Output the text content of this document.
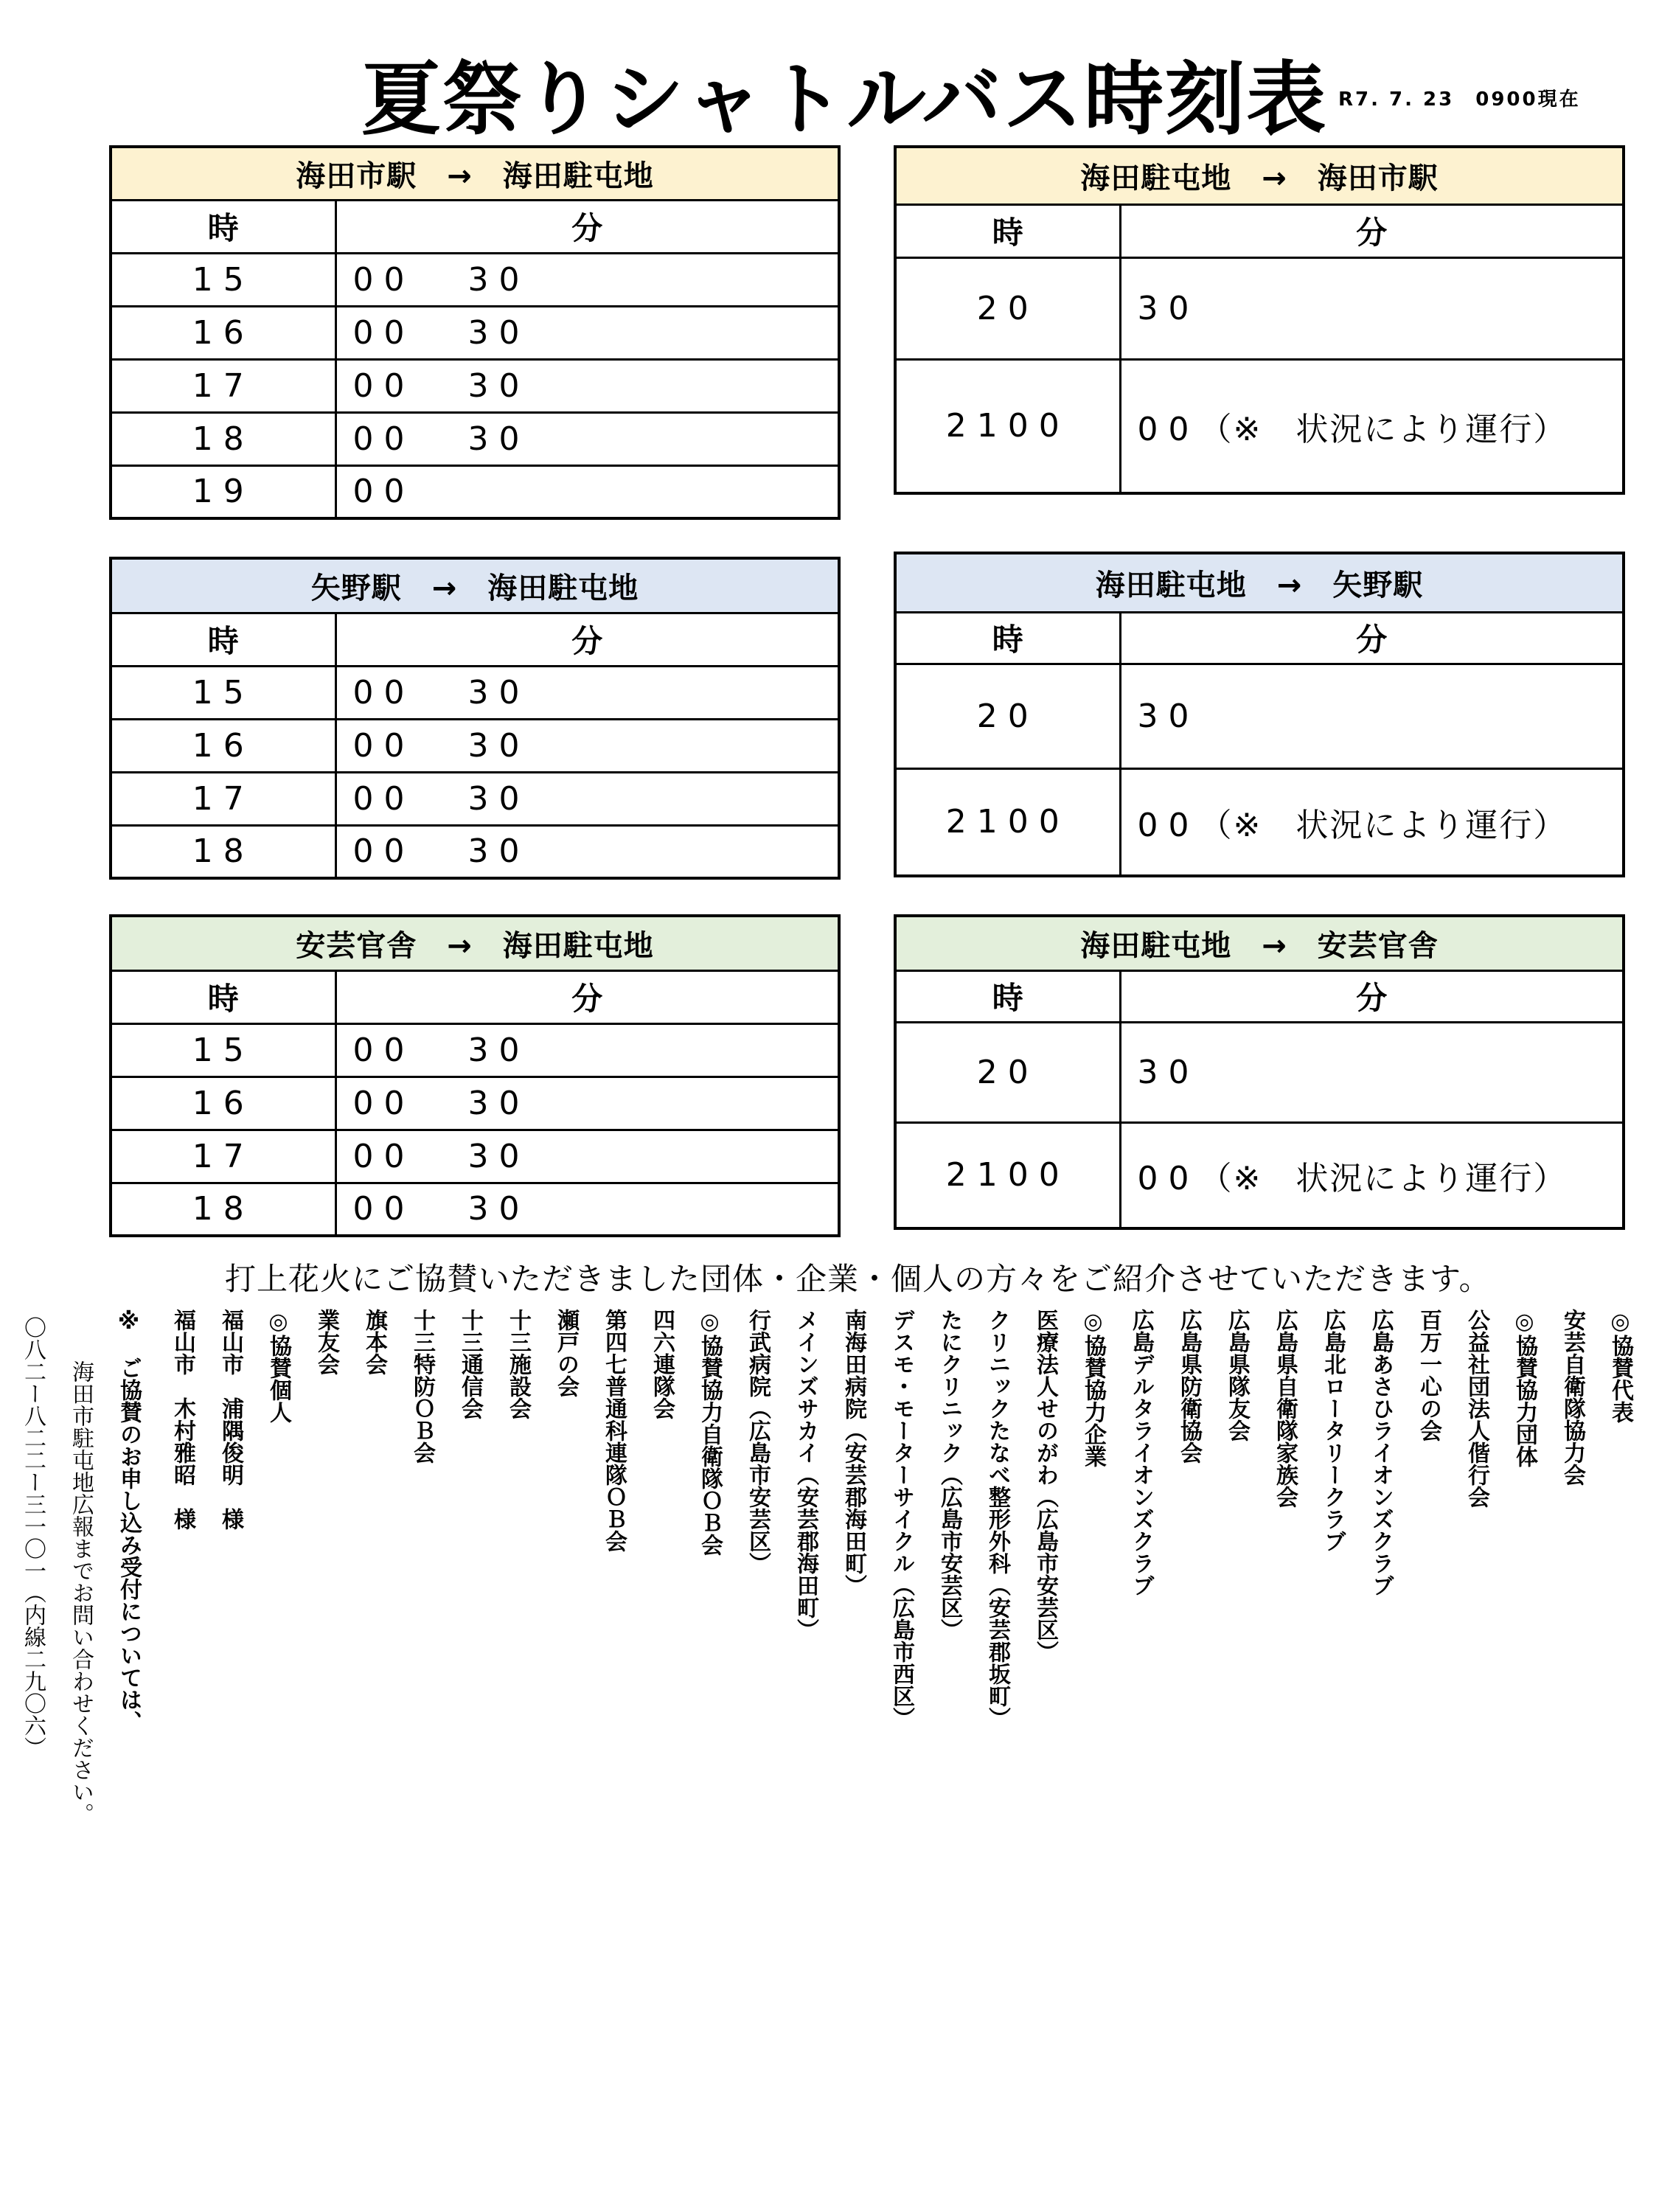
夏祭りシャトルバス時刻表 R7. 7. 23　0900現在
海田市駅　→　海田駐屯地	
時	分
15	00 30
16	00 30
17	00 30
18	00 30
19	00
海田駐屯地　→　海田市駅	
時	分
20	30
2100	00（※　状況により運行）
矢野駅　→　海田駐屯地	
時	分
15	00 30
16	00 30
17	00 30
18	00 30
海田駐屯地　→　矢野駅	
時	分
20	30
2100	00（※　状況により運行）
安芸官舎　→　海田駐屯地	
時	分
15	00 30
16	00 30
17	00 30
18	00 30
海田駐屯地　→　安芸官舎	
時	分
20	30
2100	00（※　状況により運行）
打上花火にご協賛いただきました団体・企業・個人の方々をご紹介させていただきます。
◎協賛代表
安芸自衛隊協力会
◎協賛協力団体
公益社団法人偕行会
百万一心の会
広島あさひライオンズクラブ
広島北ロータリークラブ
広島県自衛隊家族会
広島県隊友会
広島県防衛協会
広島デルタライオンズクラブ
◎協賛協力企業
医療法人せのがわ（広島市安芸区）
クリニックたなべ整形外科（安芸郡坂町）
たにクリニック（広島市安芸区）
デスモ・モーターサイクル（広島市西区）
南海田病院（安芸郡海田町）
メインズサカイ（安芸郡海田町）
行武病院（広島市安芸区）
◎協賛協力自衛隊ＯＢ会
四六連隊会
第四七普通科連隊ＯＢ会
瀬戸の会
十三施設会
十三通信会
十三特防ＯＢ会
旗本会
業友会
◎協賛個人
福山市　浦隅俊明　様
福山市　木村雅昭　様
※　ご協賛のお申し込み受付については、
海田市駐屯地広報までお問い合わせください。
〇八二ー八二二ー三一〇一（内線二九〇六）
